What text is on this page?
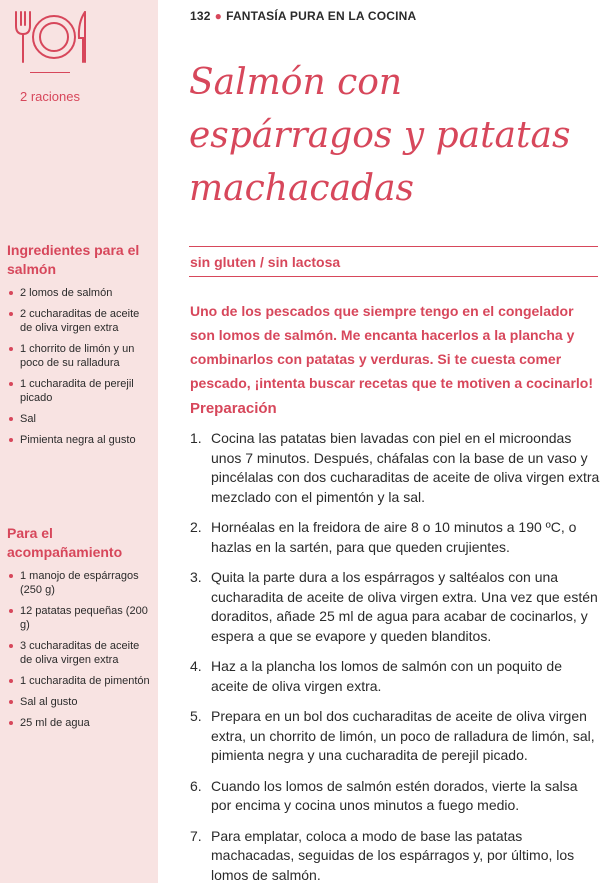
2 raciones
Ingredientes para el salmón
2 lomos de salmón
2 cucharaditas de aceite de oliva virgen extra
1 chorrito de limón y un poco de su ralladura
1 cucharadita de perejil picado
Sal
Pimienta negra al gusto
Para el acompañamiento
1 manojo de espárragos (250 g)
12 patatas pequeñas (200 g)
3 cucharaditas de aceite de oliva virgen extra
1 cucharadita de pimentón
Sal al gusto
25 ml de agua
132 ● FANTASÍA PURA EN LA COCINA
Salmón con espárragos y patatas machacadas
sin gluten / sin lactosa

Uno de los pescados que siempre tengo en el congelador son lomos de salmón. Me encanta hacerlos a la plancha y combinarlos con patatas y verduras. Si te cuesta comer pescado, ¡intenta buscar recetas que te motiven a cocinarlo!

Preparación
1. Cocina las patatas bien lavadas con piel en el microondas unos 7 minutos. Después, cháfalas con la base de un vaso y pincélalas con dos cucharaditas de aceite de oliva virgen extra mezclado con el pimentón y la sal.
2. Hornéalas en la freidora de aire 8 o 10 minutos a 190 ºC, o hazlas en la sartén, para que queden crujientes.
3. Quita la parte dura a los espárragos y saltéalos con una cucharadita de aceite de oliva virgen extra. Una vez que estén doraditos, añade 25 ml de agua para acabar de cocinarlos, y espera a que se evapore y queden blanditos.
4. Haz a la plancha los lomos de salmón con un poquito de aceite de oliva virgen extra.
5. Prepara en un bol dos cucharaditas de aceite de oliva virgen extra, un chorrito de limón, un poco de ralladura de limón, sal, pimienta negra y una cucharadita de perejil picado.
6. Cuando los lomos de salmón estén dorados, vierte la salsa por encima y cocina unos minutos a fuego medio.
7. Para emplatar, coloca a modo de base las patatas machacadas, seguidas de los espárragos y, por último, los lomos de salmón.
